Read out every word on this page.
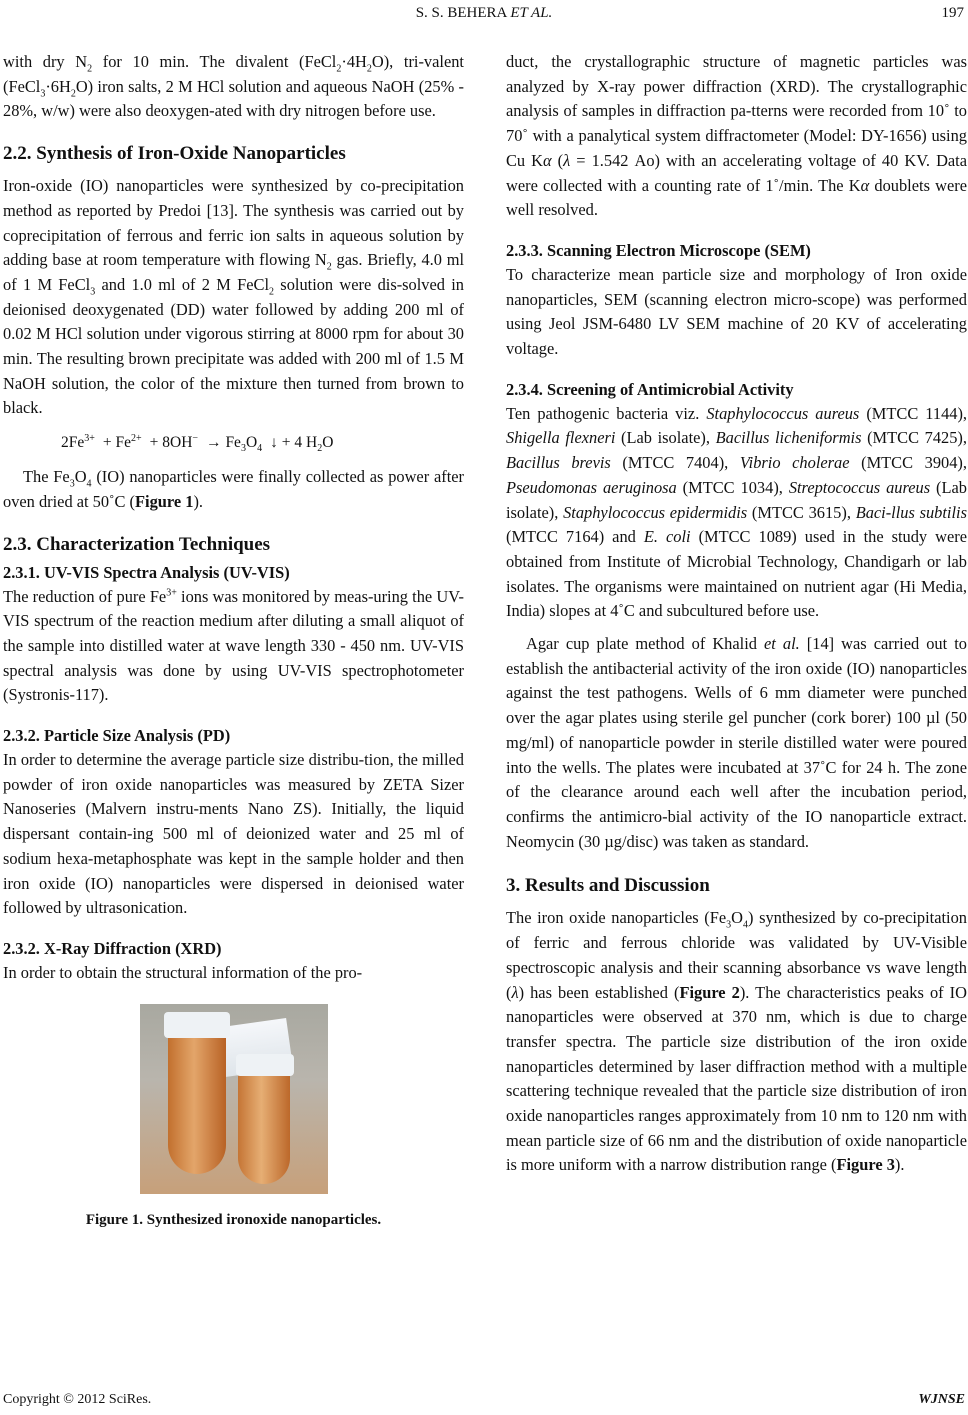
S. S. BEHERA ET AL.	197

with dry $N_2$ for 10 min. The divalent $(FeCl_2\cdot 4H_2O)$, tri-valent $(FeCl_3\cdot 6H_2O)$ iron salts, 2 M HCl solution and aqueous NaOH (25% - 28%, w/w) were also deoxygen-ated with dry nitrogen before use.

2.2. Synthesis of Iron-Oxide Nanoparticles

Iron-oxide (IO) nanoparticles were synthesized by co-precipitation method as reported by Predoi [13]. The synthesis was carried out by coprecipitation of ferrous and ferric ion salts in aqueous solution by adding base at room temperature with flowing $N_2$ gas. Briefly, 4.0 ml of 1 M FeCl$_3$ and 1.0 ml of 2 M FeCl$_2$ solution were dis-solved in deionised deoxygenated (DD) water followed by adding 200 ml of 0.02 M HCl solution under vigorous stirring at 8000 rpm for about 30 min. The resulting brown precipitate was added with 200 ml of 1.5 M NaOH solution, the color of the mixture then turned from brown to black.

$2Fe^{3+} + Fe^{2+} + 8OH^- \to Fe_3O_4$ ↓ + 4 $H_2O$

The $Fe_3O_4$ (IO) nanoparticles were finally collected as power after oven dried at 50˚C (Figure 1).

2.3. Characterization Techniques
2.3.1. UV-VIS Spectra Analysis (UV-VIS)

The reduction of pure $Fe^{3+}$ ions was monitored by meas-uring the UV-VIS spectrum of the reaction medium after diluting a small aliquot of the sample into distilled water at wave length 330 - 450 nm. UV-VIS spectral analysis was done by using UV-VIS spectrophotometer (Systronis-117).

2.3.2. Particle Size Analysis (PD)

In order to determine the average particle size distribu-tion, the milled powder of iron oxide nanoparticles was measured by ZETA Sizer Nanoseries (Malvern instru-ments Nano ZS). Initially, the liquid dispersant contain-ing 500 ml of deionized water and 25 ml of sodium hexa-metaphosphate was kept in the sample holder and then iron oxide (IO) nanoparticles were dispersed in deionised water followed by ultrasonication.

2.3.2. X-Ray Diffraction (XRD)

In order to obtain the structural information of the pro-

Figure 1. Synthesized ironoxide nanoparticles.

duct, the crystallographic structure of magnetic particles was analyzed by X-ray power diffraction (XRD). The crystallographic analysis of samples in diffraction pa-tterns were recorded from 10˚ to 70˚ with a panalytical system diffractometer (Model: DY-1656) using Cu Kα (λ = 1.542 Ao) with an accelerating voltage of 40 KV. Data were collected with a counting rate of 1˚/min. The Kα doublets were well resolved.

2.3.3. Scanning Electron Microscope (SEM)

To characterize mean particle size and morphology of Iron oxide nanoparticles, SEM (scanning electron micro-scope) was performed using Jeol JSM-6480 LV SEM machine of 20 KV of accelerating voltage.

2.3.4. Screening of Antimicrobial Activity

Ten pathogenic bacteria viz. Staphylococcus aureus (MTCC 1144), Shigella flexneri (Lab isolate), Bacillus licheniformis (MTCC 7425), Bacillus brevis (MTCC 7404), Vibrio cholerae (MTCC 3904), Pseudomonas aeruginosa (MTCC 1034), Streptococcus aureus (Lab isolate), Staphylococcus epidermidis (MTCC 3615), Baci-llus subtilis (MTCC 7164) and E. coli (MTCC 1089) used in the study were obtained from Institute of Microbial Technology, Chandigarh or lab isolates. The organisms were maintained on nutrient agar (Hi Media, India) slopes at 4˚C and subcultured before use.

Agar cup plate method of Khalid et al. [14] was carried out to establish the antibacterial activity of the iron oxide (IO) nanoparticles against the test pathogens. Wells of 6 mm diameter were punched over the agar plates using sterile gel puncher (cork borer) 100 µl (50 mg/ml) of nanoparticle powder in sterile distilled water were poured into the wells. The plates were incubated at 37˚C for 24 h. The zone of the clearance around each well after the incubation period, confirms the antimicro-bial activity of the IO nanoparticle extract. Neomycin (30 µg/disc) was taken as standard.

3. Results and Discussion

The iron oxide nanoparticles $(Fe_3O_4)$ synthesized by co-precipitation of ferric and ferrous chloride was validated by UV-Visible spectroscopic analysis and their scanning absorbance vs wave length (λ) has been established (Figure 2). The characteristics peaks of IO nanoparticles were observed at 370 nm, which is due to charge transfer spectra. The particle size distribution of the iron oxide nanoparticles determined by laser diffraction method with a multiple scattering technique revealed that the particle size distribution of iron oxide nanoparticles ranges approximately from 10 nm to 120 nm with mean particle size of 66 nm and the distribution of oxide nanoparticle is more uniform with a narrow distribution range (Figure 3).

Copyright © 2012 SciRes.	WJNSE
